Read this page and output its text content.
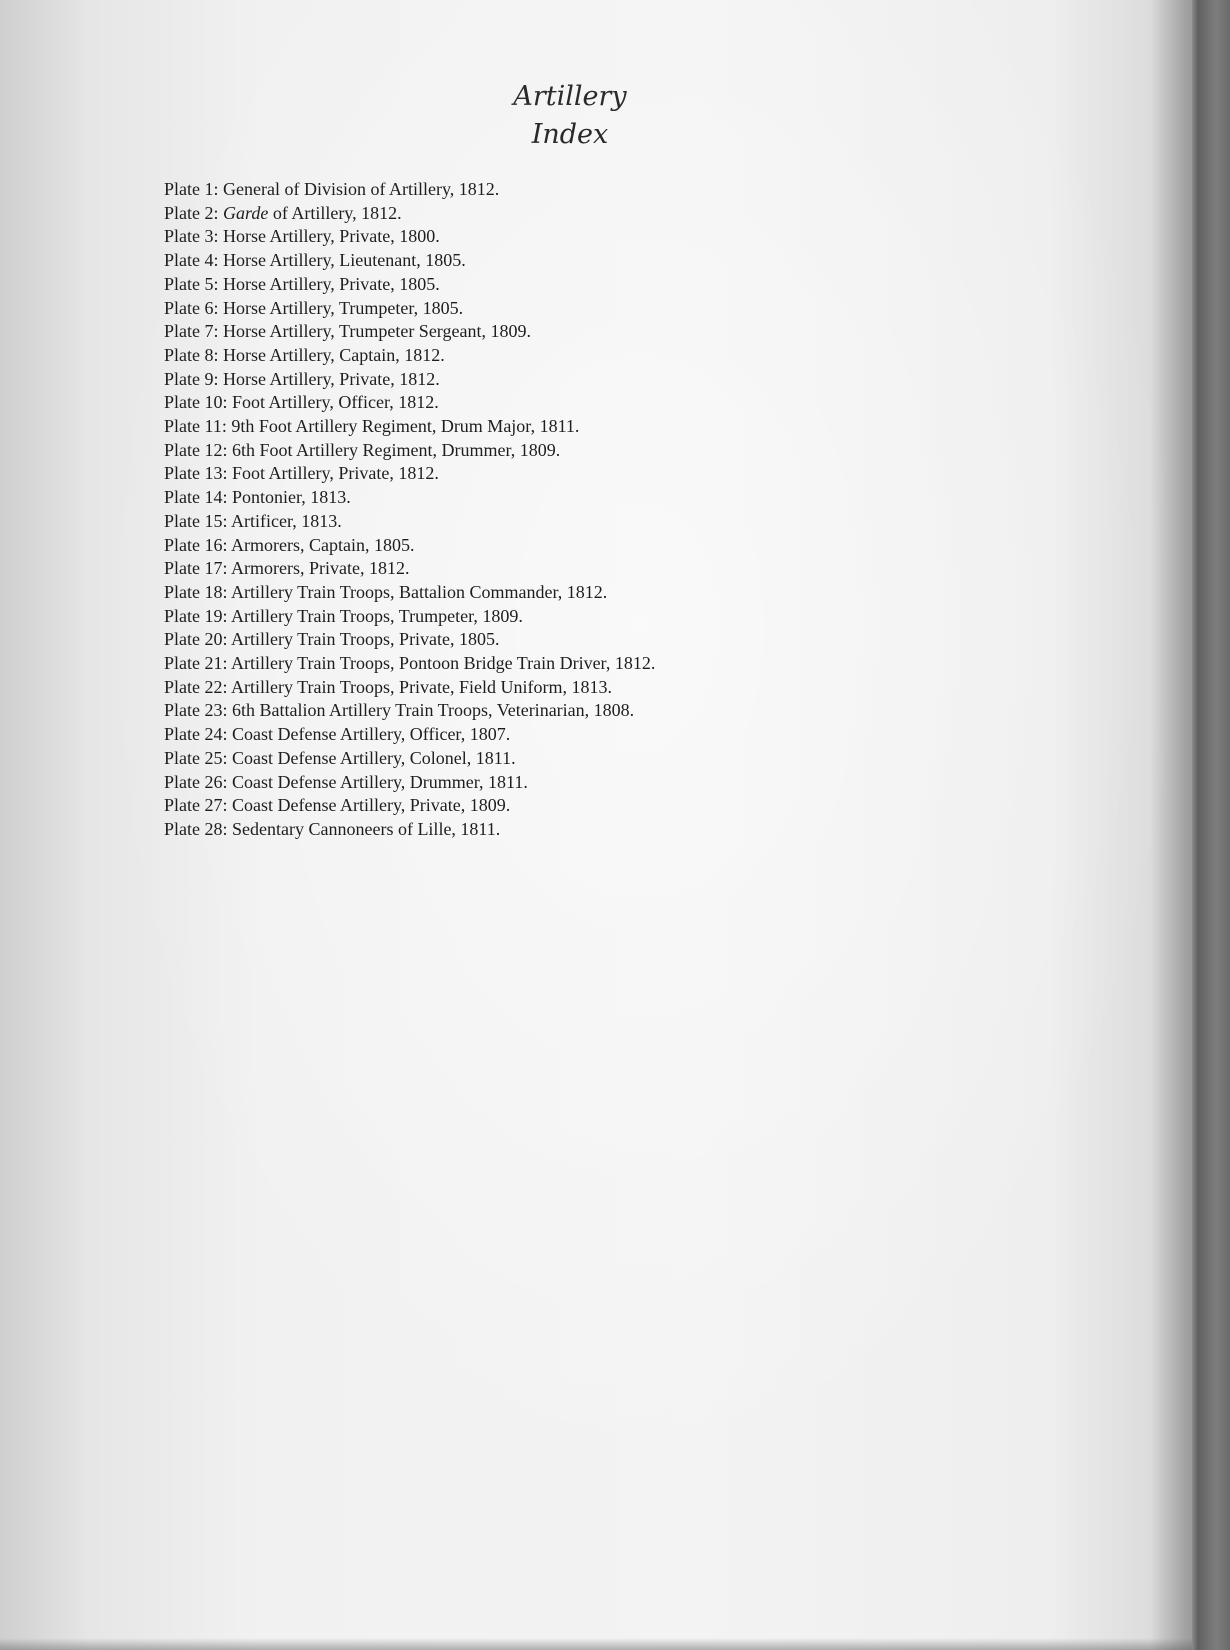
Artillery
Index
Plate 1: General of Division of Artillery, 1812.
Plate 2: Garde of Artillery, 1812.
Plate 3: Horse Artillery, Private, 1800.
Plate 4: Horse Artillery, Lieutenant, 1805.
Plate 5: Horse Artillery, Private, 1805.
Plate 6: Horse Artillery, Trumpeter, 1805.
Plate 7: Horse Artillery, Trumpeter Sergeant, 1809.
Plate 8: Horse Artillery, Captain, 1812.
Plate 9: Horse Artillery, Private, 1812.
Plate 10: Foot Artillery, Officer, 1812.
Plate 11: 9th Foot Artillery Regiment, Drum Major, 1811.
Plate 12: 6th Foot Artillery Regiment, Drummer, 1809.
Plate 13: Foot Artillery, Private, 1812.
Plate 14: Pontonier, 1813.
Plate 15: Artificer, 1813.
Plate 16: Armorers, Captain, 1805.
Plate 17: Armorers, Private, 1812.
Plate 18: Artillery Train Troops, Battalion Commander, 1812.
Plate 19: Artillery Train Troops, Trumpeter, 1809.
Plate 20: Artillery Train Troops, Private, 1805.
Plate 21: Artillery Train Troops, Pontoon Bridge Train Driver, 1812.
Plate 22: Artillery Train Troops, Private, Field Uniform, 1813.
Plate 23: 6th Battalion Artillery Train Troops, Veterinarian, 1808.
Plate 24: Coast Defense Artillery, Officer, 1807.
Plate 25: Coast Defense Artillery, Colonel, 1811.
Plate 26: Coast Defense Artillery, Drummer, 1811.
Plate 27: Coast Defense Artillery, Private, 1809.
Plate 28: Sedentary Cannoneers of Lille, 1811.
